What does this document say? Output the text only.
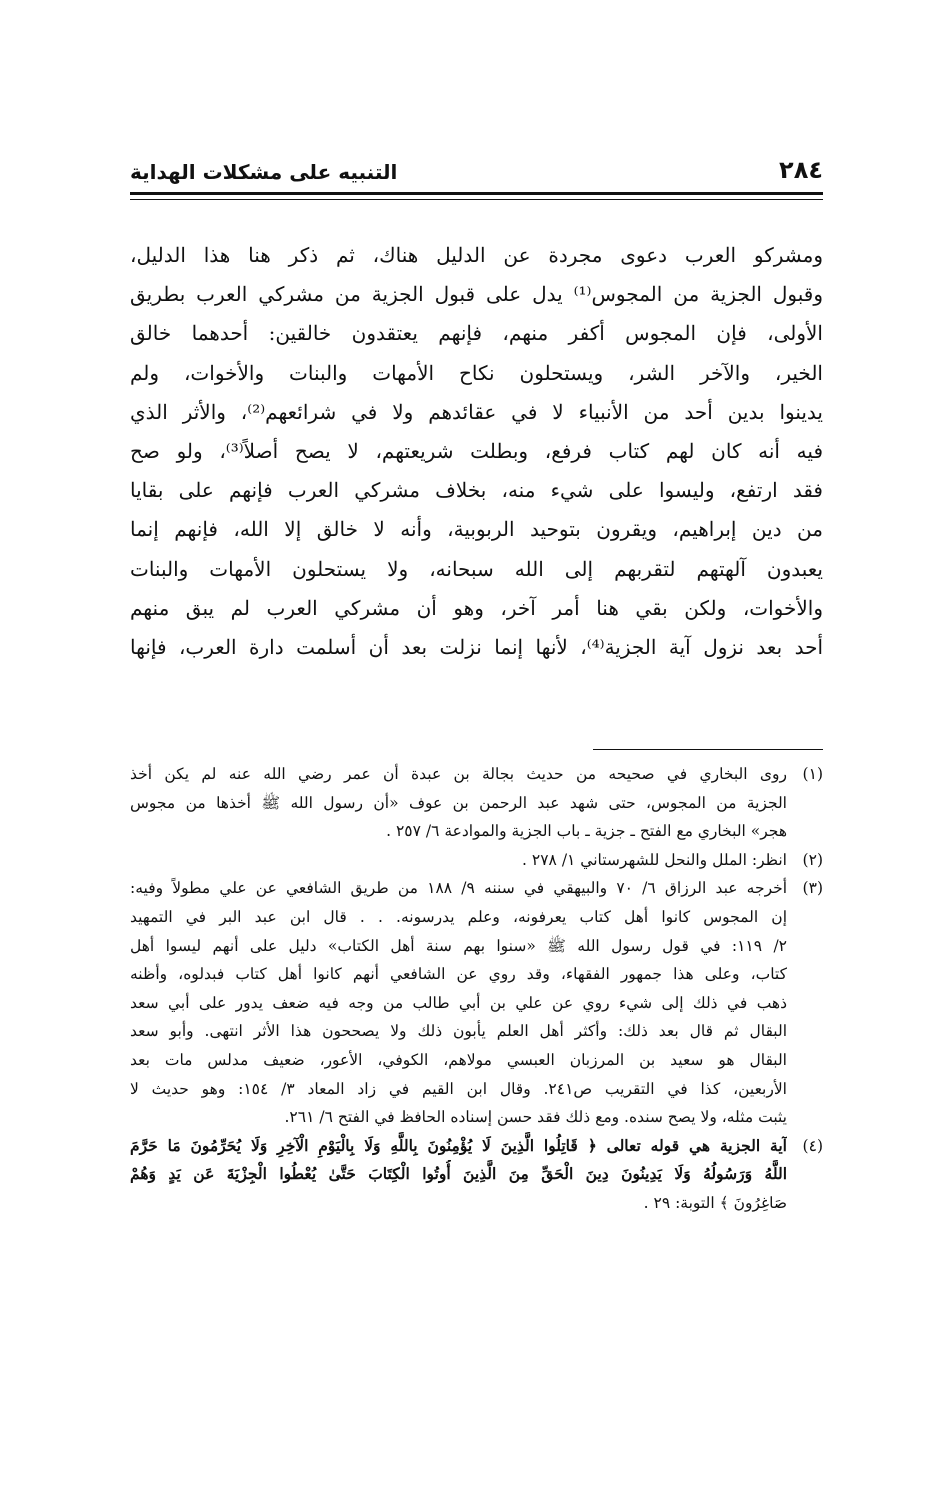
٢٨٤
التنبيه على مشكلات الهداية
ومشركو العرب دعوى مجردة عن الدليل هناك، ثم ذكر هنا هذا الدليل،
وقبول الجزية من المجوس⁽¹⁾ يدل على قبول الجزية من مشركي العرب بطريق
الأولى، فإن المجوس أكفر منهم، فإنهم يعتقدون خالقين: أحدهما خالق
الخير، والآخر الشر، ويستحلون نكاح الأمهات والبنات والأخوات، ولم
يدينوا بدين أحد من الأنبياء لا في عقائدهم ولا في شرائعهم⁽²⁾، والأثر الذي
فيه أنه كان لهم كتاب فرفع، وبطلت شريعتهم، لا يصح أصلاً⁽³⁾، ولو صح
فقد ارتفع، وليسوا على شيء منه، بخلاف مشركي العرب فإنهم على بقايا
من دين إبراهيم، ويقرون بتوحيد الربوبية، وأنه لا خالق إلا الله، فإنهم إنما
يعبدون آلهتهم لتقربهم إلى الله سبحانه، ولا يستحلون الأمهات والبنات
والأخوات، ولكن بقي هنا أمر آخر، وهو أن مشركي العرب لم يبق منهم
أحد بعد نزول آية الجزية⁽⁴⁾، لأنها إنما نزلت بعد أن أسلمت دارة العرب، فإنها
(١)
روى البخاري في صحيحه من حديث بجالة بن عبدة أن عمر رضي الله عنه لم يكن أخذ
الجزية من المجوس، حتى شهد عبد الرحمن بن عوف «أن رسول الله ﷺ أخذها من مجوس
هجر» البخاري مع الفتح ـ جزية ـ باب الجزية والموادعة ٦/ ٢٥٧ .
(٢)
انظر: الملل والنحل للشهرستاني ١/ ٢٧٨ .
(٣)
أخرجه عبد الرزاق ٦/ ٧٠ والبيهقي في سننه ٩/ ١٨٨ من طريق الشافعي عن علي مطولاً وفيه:
إن المجوس كانوا أهل كتاب يعرفونه، وعلم يدرسونه. . . قال ابن عبد البر في التمهيد
٢/ ١١٩: في قول رسول الله ﷺ «سنوا بهم سنة أهل الكتاب» دليل على أنهم ليسوا أهل
كتاب، وعلى هذا جمهور الفقهاء، وقد روي عن الشافعي أنهم كانوا أهل كتاب فبدلوه، وأظنه
ذهب في ذلك إلى شيء روي عن علي بن أبي طالب من وجه فيه ضعف يدور على أبي سعد
البقال ثم قال بعد ذلك: وأكثر أهل العلم يأبون ذلك ولا يصححون هذا الأثر انتهى. وأبو سعد
البقال هو سعيد بن المرزبان العبسي مولاهم، الكوفي، الأعور، ضعيف مدلس مات بعد
الأربعين، كذا في التقريب ص٢٤١. وقال ابن القيم في زاد المعاد ٣/ ١٥٤: وهو حديث لا
يثبت مثله، ولا يصح سنده. ومع ذلك فقد حسن إسناده الحافظ في الفتح ٦/ ٢٦١.
(٤)
آية الجزية هي قوله تعالى ﴿ قَاتِلُوا الَّذِينَ لَا يُؤْمِنُونَ بِاللَّهِ وَلَا بِالْيَوْمِ الْآخِرِ وَلَا يُحَرِّمُونَ مَا حَرَّمَ
اللَّهُ وَرَسُولُهُ وَلَا يَدِينُونَ دِينَ الْحَقِّ مِنَ الَّذِينَ أُوتُوا الْكِتَابَ حَتَّىٰ يُعْطُوا الْجِزْيَةَ عَن يَدٍ وَهُمْ
صَاغِرُونَ ﴾ التوبة: ٢٩ .
